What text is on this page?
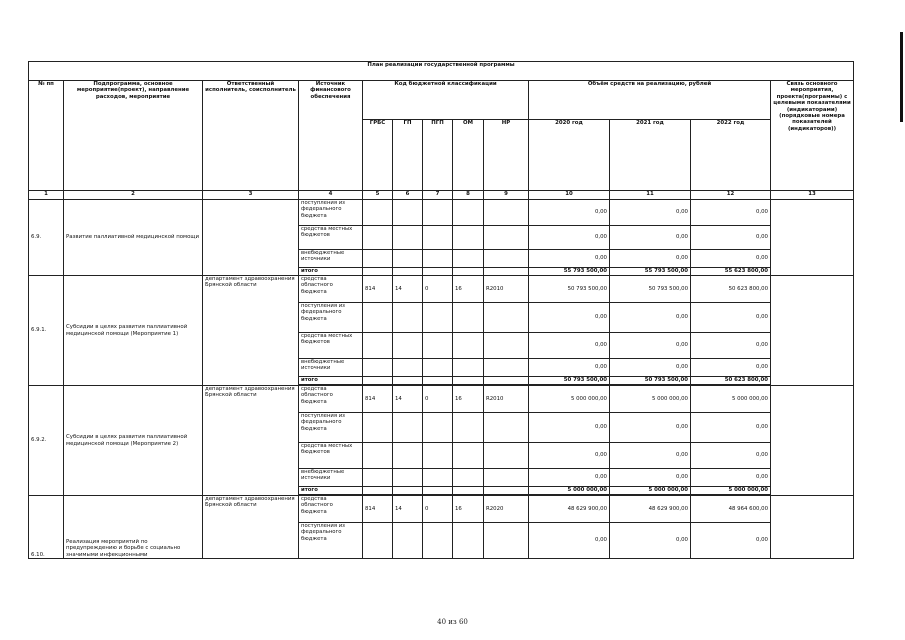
План реализации государственной программы												
№ пп	Подпрограмма, основное мероприятие(проект), направление расходов, мероприятие	Ответственный исполнитель, соисполнитель	Источник финансового обеспечения	Код бюджетной классификации					Объём средств на реализацию, рублей			Связь основного мероприятия, проекта(программы) с целевыми показателями (индикаторами) (порядковые номера показателей (индикаторов))
				ГРБС	ГП	ПГП	ОМ	НР	2020 год	2021 год	2022 год	
1	2	3	4	5	6	7	8	9	10	11	12	13
6.9.	Развитие паллиативной медицинской помощи		поступления из федерального бюджета						0,00	0,00	0,00	
			средства местных бюджетов						0,00	0,00	0,00	
			внебюджетные источники						0,00	0,00	0,00	
			итого						55 793 500,00	55 793 500,00	55 623 800,00	
6.9.1.	Субсидии в целях развития паллиативной медицинской помощи (Мероприятие 1)	департамент здравоохранения Брянской области	средства областного бюджета	814	14	0	16	R2010	50 793 500,00	50 793 500,00	50 623 800,00	
			поступления из федерального бюджета						0,00	0,00	0,00	
			средства местных бюджетов						0,00	0,00	0,00	
			внебюджетные источники						0,00	0,00	0,00	
			итого						50 793 500,00	50 793 500,00	50 623 800,00	

6.9.2.	Субсидии в целях развития паллиативной медицинской помощи (Мероприятие 2)	департамент здравоохранения Брянской области	средства областного бюджета	814	14	0	16	R2010	5 000 000,00	5 000 000,00	5 000 000,00	
			поступления из федерального бюджета						0,00	0,00	0,00	
			средства местных бюджетов						0,00	0,00	0,00	
			внебюджетные источники						0,00	0,00	0,00	
			итого						5 000 000,00	5 000 000,00	5 000 000,00	

6.10.	Реализация мероприятий по предупреждению и борьбе с социально значимыми инфекционными	департамент здравоохранения Брянской области	средства областного бюджета	814	14	0	16	R2020	48 629 900,00	48 629 900,00	48 964 600,00	
			поступления из федерального бюджета						0,00	0,00	0,00	
40 из 60
